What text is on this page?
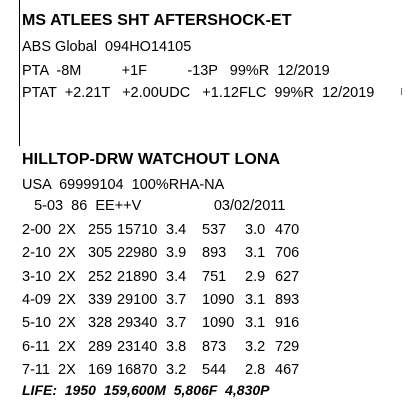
MS ATLEES SHT AFTERSHOCK-ET
ABS Global  094HO14105
PTA  -8M          +1F          -13P   99%R  12/2019
PTAT  +2.21T   +2.00UDC   +1.12FLC  99%R  12/2019
HILLTOP-DRW WATCHOUT LONA
USA  69999104  100%RHA-NA
5-03  86  EE++V                  03/02/2011
2-00 2X 255 15710 3.4 537 3.0 470
2-10 2X 305 22980 3.9 893 3.1 706
3-10 2X 252 21890 3.4 751 2.9 627
4-09 2X 339 29100 3.7 1090 3.1 893
5-10 2X 328 29340 3.7 1090 3.1 916
6-11 2X 289 23140 3.8 873 3.2 729
7-11 2X 169 16870 3.2 544 2.8 467
LIFE:  1950  159,600M  5,806F  4,830P
